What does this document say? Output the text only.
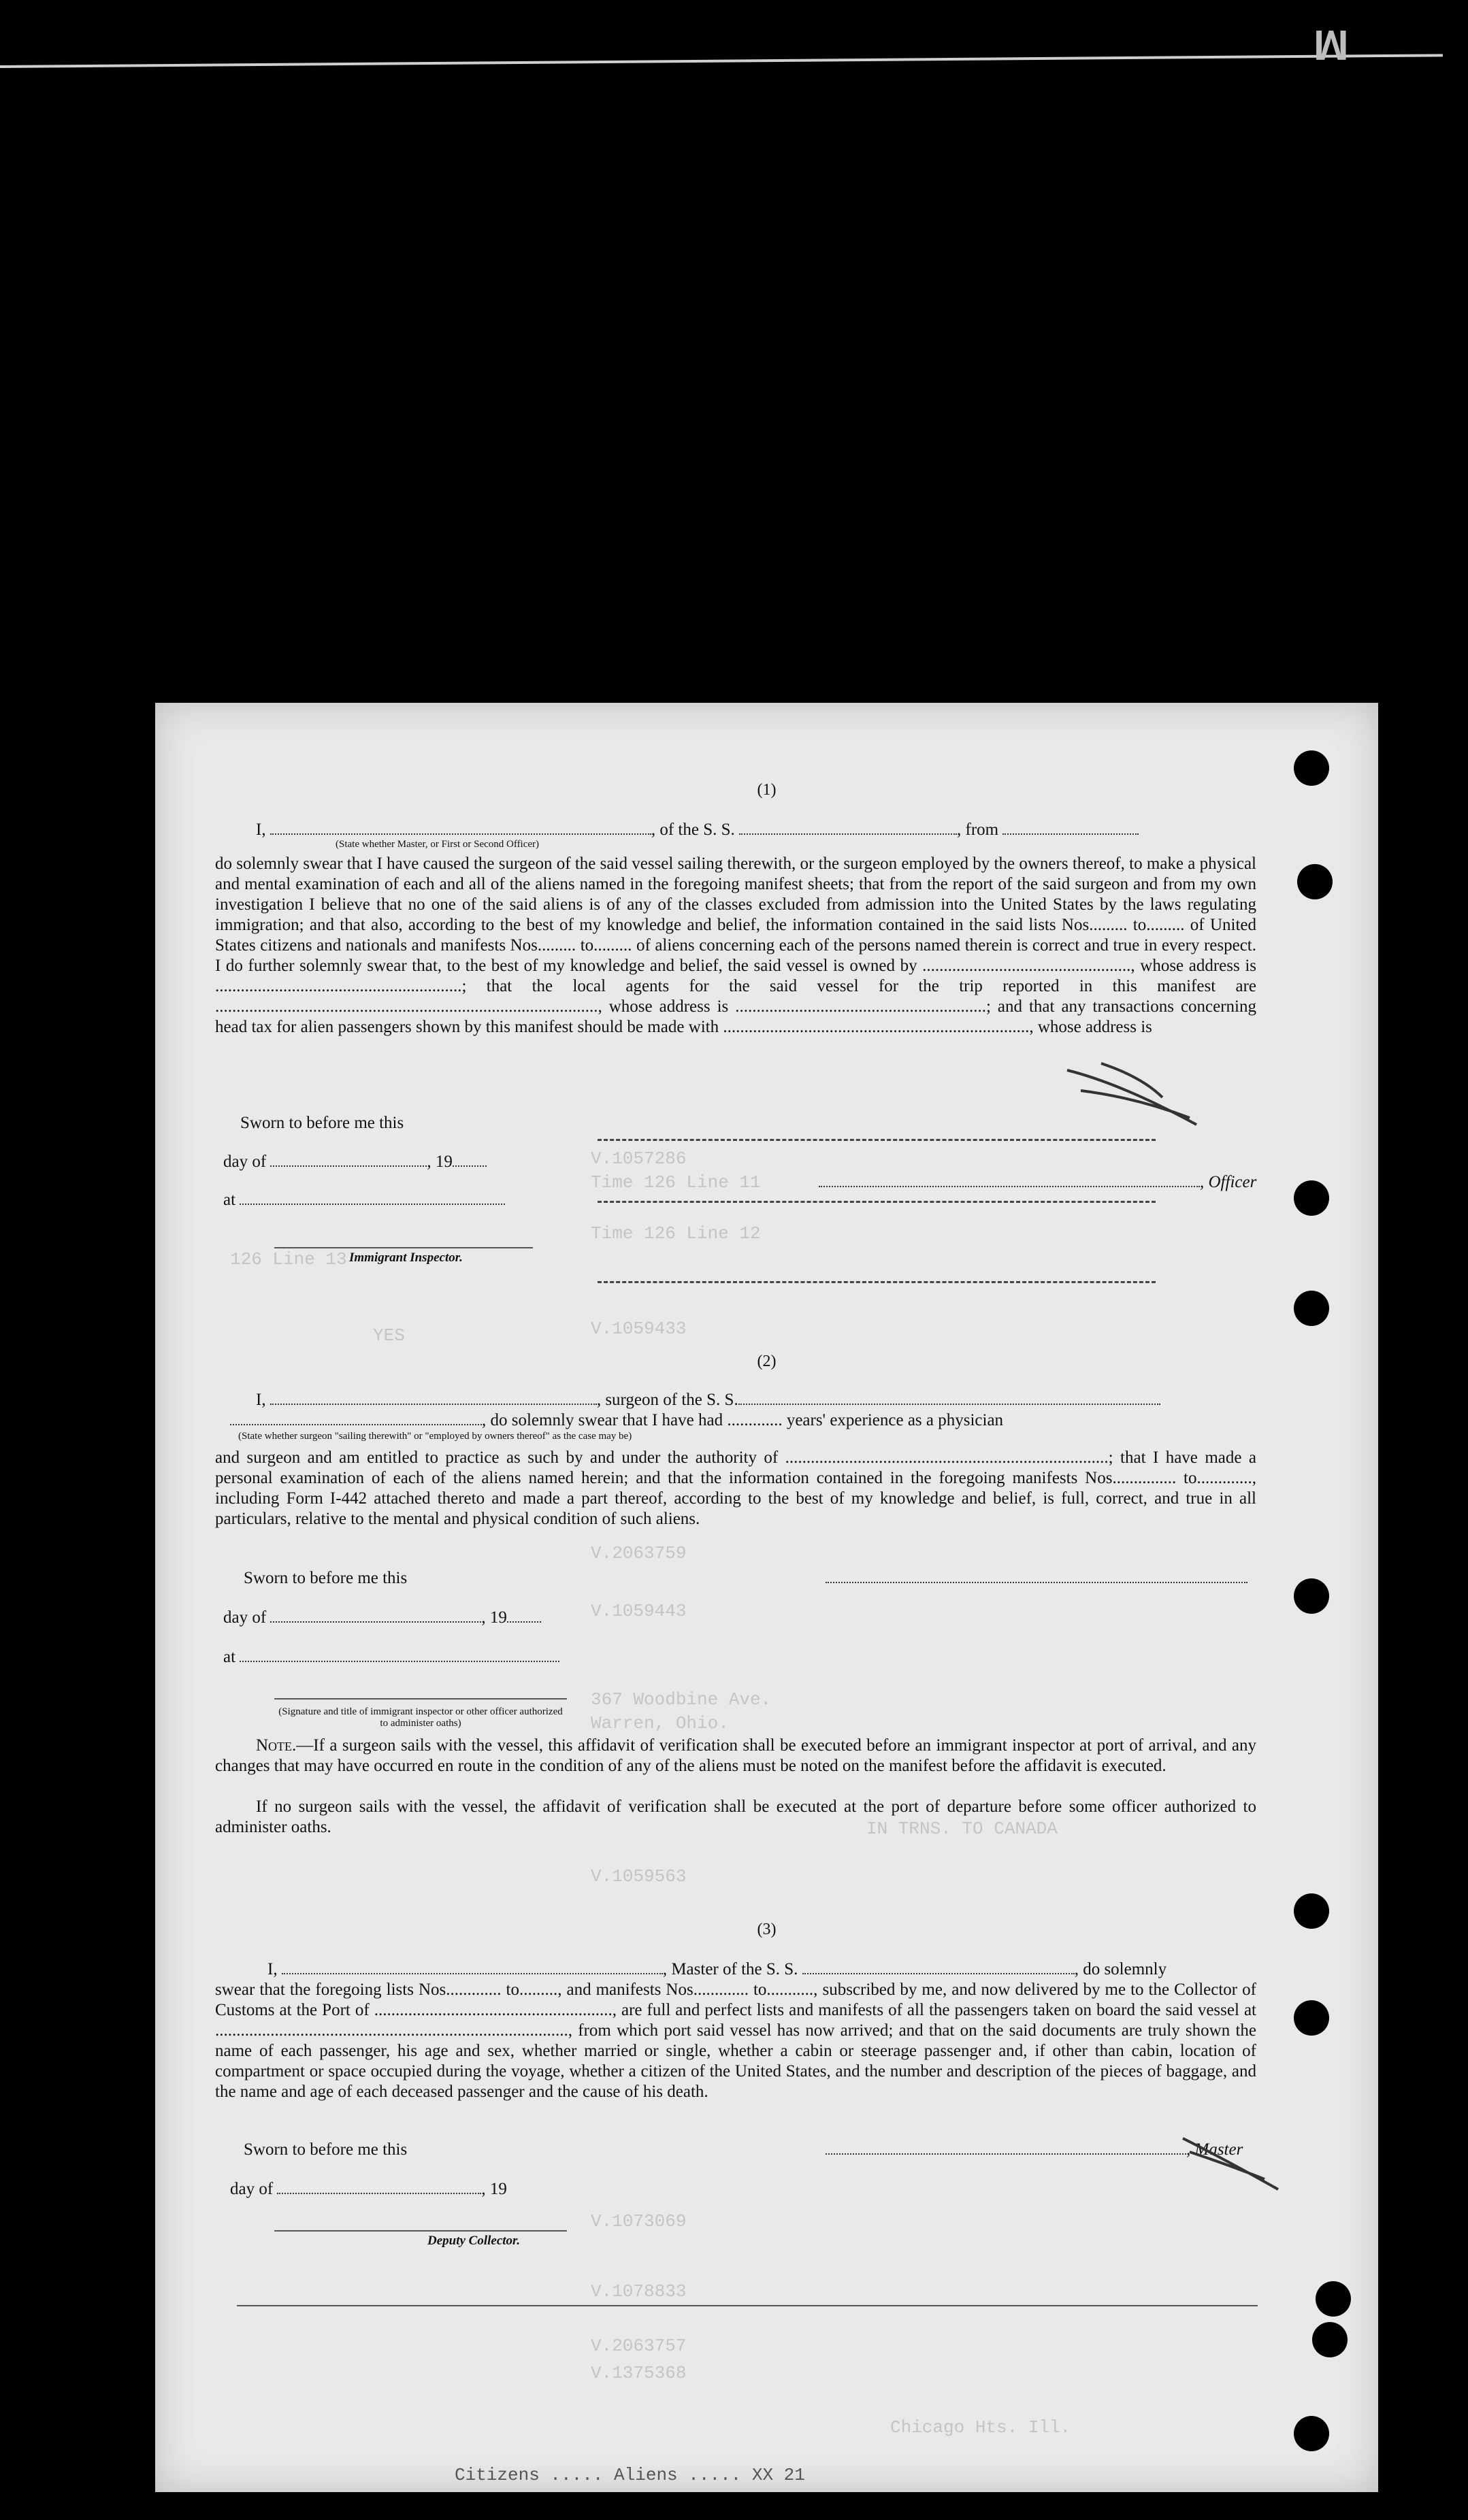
M
V.1057286
Time 126 Line 11
Time 126 Line 12
126 Line 13
V.1059433
YES
V.1059443
V.2063759
367 Woodbine Ave.
Warren, Ohio.
IN TRNS. TO CANADA
V.1059563
V.1073069
V.1078833
V.2063757
V.1375368
Chicago Hts. Ill.
Citizens ..... Aliens ..... XX 21
(1)
I,	, of the S. S.	, from
(State whether Master, or First or Second Officer)
do solemnly swear that I have caused the surgeon of the said vessel sailing therewith, or the surgeon employed by the owners thereof, to make a physical and mental examination of each and all of the aliens named in the foregoing manifest sheets; that from the report of the said surgeon and from my own investigation I believe that no one of the said aliens is of any of the classes excluded from admission into the United States by the laws regulating immigration; and that also, according to the best of my knowledge and belief, the information contained in the said lists Nos......... to......... of United States citizens and nationals and manifests Nos......... to......... of aliens concerning each of the persons named therein is correct and true in every respect. I do further solemnly swear that, to the best of my knowledge and belief, the said vessel is owned by ................................................., whose address is ..........................................................; that the local agents for the said vessel for the trip reported in this manifest are .........................................................................................., whose address is ...........................................................; and that any transactions concerning head tax for alien passengers shown by this manifest should be made with ........................................................................, whose address is
Sworn to before me this
day of	, 19
at
, Officer
Immigrant Inspector.
(2)
I,	, surgeon of the S. S.
, do solemnly swear that I have had ............. years' experience as a physician
(State whether surgeon "sailing therewith" or "employed by owners thereof" as the case may be)
and surgeon and am entitled to practice as such by and under the authority of ............................................................................; that I have made a personal examination of each of the aliens named herein; and that the information contained in the foregoing manifests Nos............... to............., including Form I-442 attached thereto and made a part thereof, according to the best of my knowledge and belief, is full, correct, and true in all particulars, relative to the mental and physical condition of such aliens.
Sworn to before me this
day of	, 19
at
(Signature and title of immigrant inspector or other officer authorized to administer oaths)
Note.—If a surgeon sails with the vessel, this affidavit of verification shall be executed before an immigrant inspector at port of arrival, and any changes that may have occurred en route in the condition of any of the aliens must be noted on the manifest before the affidavit is executed.
If no surgeon sails with the vessel, the affidavit of verification shall be executed at the port of departure before some officer authorized to administer oaths.
(3)
I,	, Master of the S. S.	, do solemnly
swear that the foregoing lists Nos............. to........., and manifests Nos............. to..........., subscribed by me, and now delivered by me to the Collector of Customs at the Port of ........................................................, are full and perfect lists and manifests of all the passengers taken on board the said vessel at ..................................................................................., from which port said vessel has now arrived; and that on the said documents are truly shown the name of each passenger, his age and sex, whether married or single, whether a cabin or steerage passenger and, if other than cabin, location of compartment or space occupied during the voyage, whether a citizen of the United States, and the number and description of the pieces of baggage, and the name and age of each deceased passenger and the cause of his death.
Sworn to before me this	, Master
day of	, 19
Deputy Collector.
